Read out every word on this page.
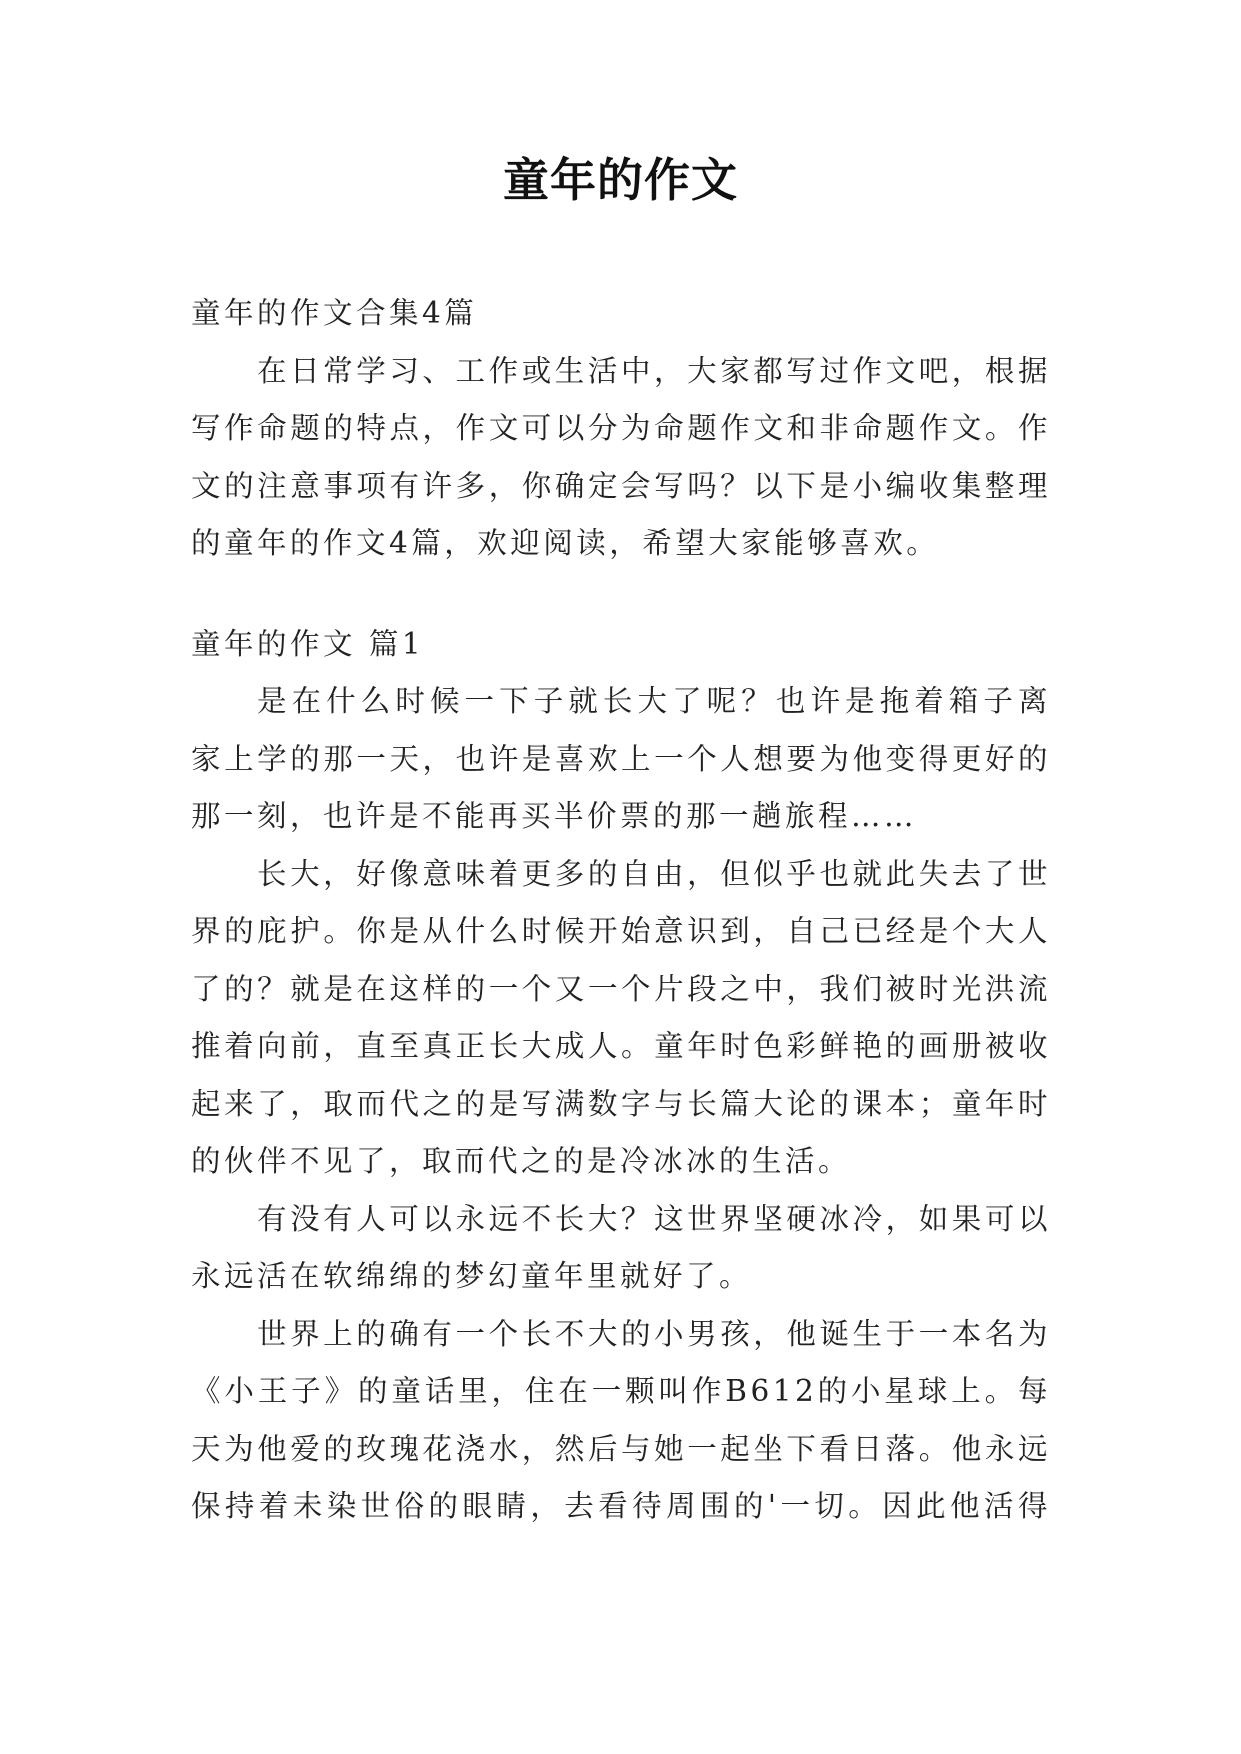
童年的作文
童年的作文合集4篇
在日常学习、工作或生活中，大家都写过作文吧，根据
写作命题的特点，作文可以分为命题作文和非命题作文。作
文的注意事项有许多，你确定会写吗？以下是小编收集整理
的童年的作文4篇，欢迎阅读，希望大家能够喜欢。
童年的作文 篇1
是在什么时候一下子就长大了呢？也许是拖着箱子离
家上学的那一天，也许是喜欢上一个人想要为他变得更好的
那一刻，也许是不能再买半价票的那一趟旅程……
长大，好像意味着更多的自由，但似乎也就此失去了世
界的庇护。你是从什么时候开始意识到，自己已经是个大人
了的？就是在这样的一个又一个片段之中，我们被时光洪流
推着向前，直至真正长大成人。童年时色彩鲜艳的画册被收
起来了，取而代之的是写满数字与长篇大论的课本；童年时
的伙伴不见了，取而代之的是冷冰冰的生活。
有没有人可以永远不长大？这世界坚硬冰冷，如果可以
永远活在软绵绵的梦幻童年里就好了。
世界上的确有一个长不大的小男孩，他诞生于一本名为
《小王子》的童话里，住在一颗叫作B612的小星球上。每
天为他爱的玫瑰花浇水，然后与她一起坐下看日落。他永远
保持着未染世俗的眼睛，去看待周围的'一切。因此他活得
